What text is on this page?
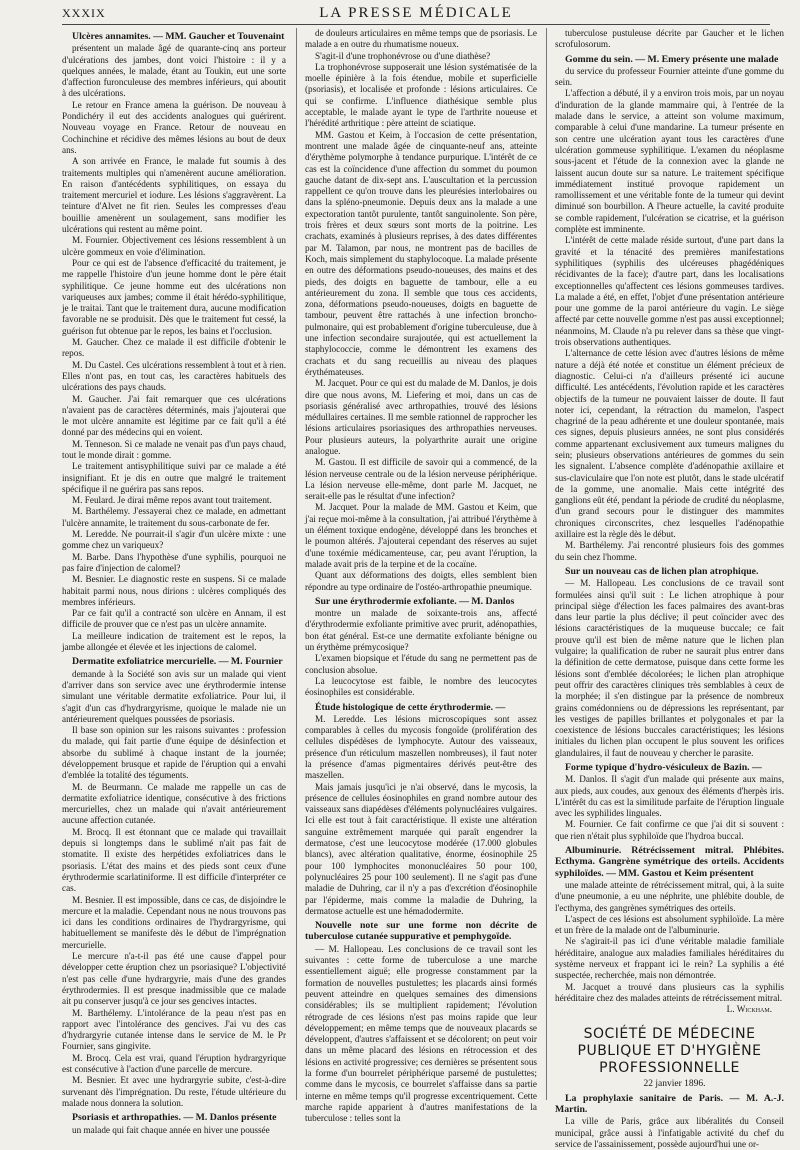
XXXIX	LA PRESSE MÉDICALE
Ulcères annamites. — MM. Gaucher et Touvenaint

présentent un malade âgé de quarante-cinq ans porteur d'ulcérations des jambes, dont voici l'histoire : il y a quelques années, le malade, étant au Toukin, eut une sorte d'affection furonculeuse des membres inférieurs, qui aboutit à des ulcérations.

Le retour en France amena la guérison. De nouveau à Pondichéry il eut des accidents analogues qui guérirent. Nouveau voyage en France. Retour de nouveau en Cochinchine et récidive des mêmes lésions au bout de deux ans.

A son arrivée en France, le malade fut soumis à des traitements multiples qui n'amenèrent aucune amélioration. En raison d'antécédents syphilitiques, on essaya du traitement mercuriel et iodure. Les lésions s'aggravèrent. La teinture d'Alvet ne fit rien. Seules les compresses d'eau bouillie amenèrent un soulagement, sans modifier les ulcérations qui restent au même point.

M. Fournier. Objectivement ces lésions ressemblent à un ulcère gommeux en voie d'élimination.

Pour ce qui est de l'absence d'efficacité du traitement, je me rappelle l'histoire d'un jeune homme dont le père était syphilitique. Ce jeune homme eut des ulcérations non variqueuses aux jambes; comme il était hérédo-syphilitique, je le traitai. Tant que le traitement dura, aucune modification favorable ne se produisit. Dès que le traitement fut cessé, la guérison fut obtenue par le repos, les bains et l'occlusion.

M. Gaucher. Chez ce malade il est difficile d'obtenir le repos.

M. Du Castel. Ces ulcérations ressemblent à tout et à rien. Elles n'ont pas, en tout cas, les caractères habituels des ulcérations des pays chauds.

M. Gaucher. J'ai fait remarquer que ces ulcérations n'avaient pas de caractères déterminés, mais j'ajouterai que le mot ulcère annamite est légitime par ce fait qu'il a été donné par des médecins qui en voient.

M. Tenneson. Si ce malade ne venait pas d'un pays chaud, tout le monde dirait : gomme.

Le traitement antisyphilitique suivi par ce malade a été insignifiant. Et je dis en outre que malgré le traitement spécifique il ne guérira pas sans repos.

M. Feulard. Je dirai même repos avant tout traitement.

M. Barthélemy. J'essayerai chez ce malade, en admettant l'ulcère annamite, le traitement du sous-carbonate de fer.

M. Leredde. Ne pourrait-il s'agir d'un ulcère mixte : une gomme chez un variqueux?

M. Barbe. Dans l'hypothèse d'une syphilis, pourquoi ne pas faire d'injection de calomel?

M. Besnier. Le diagnostic reste en suspens. Si ce malade habitait parmi nous, nous dirions : ulcères compliqués des membres inférieurs.

Par ce fait qu'il a contracté son ulcère en Annam, il est difficile de prouver que ce n'est pas un ulcère annamite.

La meilleure indication de traitement est le repos, la jambe allongée et élevée et les injections de calomel.

Dermatite exfoliatrice mercurielle. — M. Fournier

demande à la Société son avis sur un malade qui vient d'arriver dans son service avec une érythrodermie intense simulant une véritable dermatite exfoliatrice. Pour lui, il s'agit d'un cas d'hydrargyrisme, quoique le malade nie un antérieurement quelques poussées de psoriasis.

Il base son opinion sur les raisons suivantes : profession du malade, qui fait partie d'une équipe de désinfection et absorbe du sublimé à chaque instant de la journée; développement brusque et rapide de l'éruption qui a envahi d'emblée la totalité des téguments.

M. de Beurmann. Ce malade me rappelle un cas de dermatite exfoliatrice identique, consécutive à des frictions mercurielles, chez un malade qui n'avait antérieurement aucune affection cutanée.

M. Brocq. Il est étonnant que ce malade qui travaillait depuis si longtemps dans le sublimé n'ait pas fait de stomatite. Il existe des herpétides exfoliatrices dans le psoriasis. L'état des mains et des pieds sont ceux d'une érythrodermie scarlatiniforme. Il est difficile d'interpréter ce cas.

M. Besnier. Il est impossible, dans ce cas, de disjoindre le mercure et la maladie. Cependant nous ne nous trouvons pas ici dans les conditions ordinaires de l'hydrargyrisme, qui habituellement se manifeste dès le début de l'imprégnation mercurielle.

Le mercure n'a-t-il pas été une cause d'appel pour développer cette éruption chez un psoriasique? L'objectivité n'est pas celle d'une hydrargyrie, mais d'une des grandes érythrodermies. Il est presque inadmissible que ce malade ait pu conserver jusqu'à ce jour ses gencives intactes.

M. Barthélemy. L'intolérance de la peau n'est pas en rapport avec l'intolérance des gencives. J'ai vu des cas d'hydrargyrie cutanée intense dans le service de M. le Pr Fournier, sans gingivite.

M. Brocq. Cela est vrai, quand l'éruption hydrargyrique est consécutive à l'action d'une parcelle de mercure.

M. Besnier. Et avec une hydrargyrie subite, c'est-à-dire survenant dès l'imprégnation. Du reste, l'étude ultérieure du malade nous donnera la solution.

Psoriasis et arthropathies. — M. Danlos présente

un malade qui fait chaque année en hiver une poussée

de douleurs articulaires en même temps que de psoriasis. Le malade a en outre du rhumatisme noueux.

S'agit-il d'une trophonévrose ou d'une diathèse?

La trophonévrose supposerait une lésion systématisée de la moelle épinière à la fois étendue, mobile et superficielle (psoriasis), et localisée et profonde : lésions articulaires. Ce qui se confirme. L'influence diathésique semble plus acceptable, le malade ayant le type de l'arthrite noueuse et l'hérédité arthritique : père atteint de sciatique.

MM. Gastou et Keim, à l'occasion de cette présentation, montrent une malade âgée de cinquante-neuf ans, atteinte d'érythème polymorphe à tendance purpurique. L'intérêt de ce cas est la coïncidence d'une affection du sommet du poumon gauche datant de dix-sept ans. L'auscultation et la percussion rappellent ce qu'on trouve dans les pleurésies interlobaires ou dans la spléno-pneumonie. Depuis deux ans la malade a une expectoration tantôt purulente, tantôt sanguinolente. Son père, trois frères et deux sœurs sont morts de la poitrine. Les crachats, examinés à plusieurs reprises, à des dates différentes par M. Talamon, par nous, ne montrent pas de bacilles de Koch, mais simplement du staphylocoque. La malade présente en outre des déformations pseudo-noueuses, des mains et des pieds, des doigts en baguette de tambour, elle a eu antérieurement du zona. Il semble que tous ces accidents, zona, déformations pseudo-noueuses, doigts en baguette de tambour, peuvent être rattachés à une infection broncho-pulmonaire, qui est probablement d'origine tuberculeuse, due à une infection secondaire surajoutée, qui est actuellement la staphylococcie, comme le démontrent les examens des crachats et du sang recueillis au niveau des plaques érythémateuses.

M. Jacquet. Pour ce qui est du malade de M. Danlos, je dois dire que nous avons, M. Liefering et moi, dans un cas de psoriasis généralisé avec arthropathies, trouvé des lésions médullaires certaines. Il me semble rationnel de rapprocher les lésions articulaires psoriasiques des arthropathies nerveuses. Pour plusieurs auteurs, la polyarthrite aurait une origine analogue.

M. Gastou. Il est difficile de savoir qui a commencé, de la lésion nerveuse centrale ou de la lésion nerveuse périphérique. La lésion nerveuse elle-même, dont parle M. Jacquet, ne serait-elle pas le résultat d'une infection?

M. Jacquet. Pour la malade de MM. Gastou et Keim, que j'ai reçue moi-même à la consultation, j'ai attribué l'érythème à un élément toxique endogène, développé dans les bronches et le poumon altérés. J'ajouterai cependant des réserves au sujet d'une toxémie médicamenteuse, car, peu avant l'éruption, la malade avait pris de la terpine et de la cocaïne.

Quant aux déformations des doigts, elles semblent bien répondre au type ordinaire de l'ostéo-arthropathie pneumique.

Sur une érythrodermie exfoliante. — M. Danlos

montre un malade de soixante-trois ans, affecté d'érythrodermie exfoliante primitive avec prurit, adénopathies, bon état général. Est-ce une dermatite exfoliante bénigne ou un érythème prémycosique?

L'examen biopsique et l'étude du sang ne permettent pas de conclusion absolue.

La leucocytose est faible, le nombre des leucocytes éosinophiles est considérable.

Étude histologique de cette érythrodermie. —

M. Leredde. Les lésions microscopiques sont assez comparables à celles du mycosis fongoïde (prolifération des cellules dispédèses de lymphocyte. Autour des vaisseaux, présence d'un réticulum maszellen nombreuses), il faut noter la présence d'amas pigmentaires dérivés peut-être des maszellen.

Mais jamais jusqu'ici je n'ai observé, dans le mycosis, la présence de cellules éosinophiles en grand nombre autour des vaisseaux sans diapédèses d'éléments polynucléaires vulgaires. Ici elle est tout à fait caractéristique. Il existe une altération sanguine extrêmement marquée qui paraît engendrer la dermatose, c'est une leucocytose modérée (17.000 globules blancs), avec altération qualitative, énorme, éosinophile 25 pour 100 lymphocites mononucléaires 50 pour 100, polynucléaires 25 pour 100 seulement). Il ne s'agit pas d'une maladie de Duhring, car il n'y a pas d'excrétion d'éosinophile par l'épiderme, mais comme la maladie de Duhring, la dermatose actuelle est une hémadodermite.

Nouvelle note sur une forme non décrite de tuberculose cutanée suppurative et pemphygoïde.

— M. Hallopeau. Les conclusions de ce travail sont les suivantes : cette forme de tuberculose a une marche essentiellement aiguë; elle progresse constamment par la formation de nouvelles pustulettes; les placards ainsi formés peuvent atteindre en quelques semaines des dimensions considérables; ils se multiplient rapidement; l'évolution rétrograde de ces lésions n'est pas moins rapide que leur développement; en même temps que de nouveaux placards se développent, d'autres s'affaissent et se décolorent; on peut voir dans un même placard des lésions en rétrocession et des lésions en activité progressive; ces dernières se présentent sous la forme d'un bourrelet périphérique parsemé de pustulettes; comme dans le mycosis, ce bourrelet s'affaisse dans sa partie interne en même temps qu'il progresse excentriquement. Cette marche rapide apparient à d'autres manifestations de la tuberculose : telles sont la

tuberculose pustuleuse décrite par Gaucher et le lichen scrofulosorum.

Gomme du sein. — M. Emery présente une malade

du service du professeur Fournier atteinte d'une gomme du sein.

L'affection a débuté, il y a environ trois mois, par un noyau d'induration de la glande mammaire qui, à l'entrée de la malade dans le service, a atteint son volume maximum, comparable à celui d'une mandarine. La tumeur présente en son centre une ulcération ayant tous les caractères d'une ulcération gommeuse syphilitique. L'examen du néoplasme sous-jacent et l'étude de la connexion avec la glande ne laissent aucun doute sur sa nature. Le traitement spécifique immédiatement institué provoque rapidement un ramollissement et une véritable fonte de la tumeur qui devint diminué son bourbillon. A l'heure actuelle, la cavité produite se comble rapidement, l'ulcération se cicatrise, et la guérison complète est imminente.

L'intérêt de cette malade réside surtout, d'une part dans la gravité et la ténacité des premières manifestations syphilitiques (syphilis des ulcéreuses phagédéniques récidivantes de la face); d'autre part, dans les localisations exceptionnelles qu'affectent ces lésions gommeuses tardives. La malade a été, en effet, l'objet d'une présentation antérieure pour une gomme de la paroi antérieure du vagin. Le siège affecté par cette nouvelle gomme n'est pas aussi exceptionnel; néanmoins, M. Claude n'a pu relever dans sa thèse que vingt-trois observations authentiques.

L'alternance de cette lésion avec d'autres lésions de même nature a déjà été notée et constitue un élément précieux de diagnostic. Celui-ci n'a d'ailleurs présenté ici aucune difficulté. Les antécédents, l'évolution rapide et les caractères objectifs de la tumeur ne pouvaient laisser de doute. Il faut noter ici, cependant, la rétraction du mamelon, l'aspect chagriné de la peau adhérente et une douleur spontanée, mais ces signes, depuis plusieurs années, ne sont plus considérés comme appartenant exclusivement aux tumeurs malignes du sein; plusieurs observations antérieures de gommes du sein les signalent. L'absence complète d'adénopathie axillaire et sus-claviculaire que l'on note est plutôt, dans le stade ulcératif de la gomme, une anomalie. Mais cette intégrité des ganglions eût été, pendant la période de crudité du néoplasme, d'un grand secours pour le distinguer des mammites chroniques circonscrites, chez lesquelles l'adénopathie axillaire est la règle dès le début.

M. Barthélemy. J'ai rencontré plusieurs fois des gommes du sein chez l'homme.

Sur un nouveau cas de lichen plan atrophique.

— M. Hallopeau. Les conclusions de ce travail sont formulées ainsi qu'il suit : Le lichen atrophique à pour principal siège d'élection les faces palmaires des avant-bras dans leur partie la plus déclive; il peut coïncider avec des lésions caractéristiques de la muqueuse buccale; ce fait prouve qu'il est bien de même nature que le lichen plan vulgaire; la qualification de ruber ne saurait plus entrer dans la définition de cette dermatose, puisque dans cette forme les lésions sont d'emblée décolorées; le lichen plan atrophique peut offrir des caractères cliniques très semblables à ceux de la morphée; il s'en distingue par la présence de nombreux grains comédonniens ou de dépressions les représentant, par les vestiges de papilles brillantes et polygonales et par la coexistence de lésions buccales caractéristiques; les lésions initiales du lichen plan occupent le plus souvent les orifices glandulaires, il faut de nouveau y chercher le parasite.

Forme typique d'hydro-vésiculeux de Bazin. —

M. Danlos. Il s'agit d'un malade qui présente aux mains, aux pieds, aux coudes, aux genoux des éléments d'herpès iris. L'intérêt du cas est la similitude parfaite de l'éruption linguale avec les syphilides linguales.

M. Fournier. Ce fait confirme ce que j'ai dit si souvent : que rien n'était plus syphiloïde que l'hydroa buccal.

Albuminurie. Rétrécissement mitral. Phlébites. Ecthyma. Gangrène symétrique des orteils. Accidents syphiloïdes. — MM. Gastou et Keim présentent

une malade atteinte de rétrécissement mitral, qui, à la suite d'une pneumonie, a eu une néphrite, une phlébite double, de l'ecthyma, des gangrènes symétriques des orteils.

L'aspect de ces lésions est absolument syphiloïde. La mère et un frère de la malade ont de l'albuminurie.

Ne s'agirait-il pas ici d'une véritable maladie familiale héréditaire, analogue aux maladies familiales héréditaires du système nerveux et frappant ici le rein? La syphilis a été suspectée, recherchée, mais non démontrée.

M. Jacquet a trouvé dans plusieurs cas la syphilis héréditaire chez des malades atteints de rétrécissement mitral.

L. Wickham.

SOCIÉTÉ DE MÉDECINE PUBLIQUE ET D'HYGIÈNE PROFESSIONNELLE

22 janvier 1896.

La prophylaxie sanitaire de Paris. — M. A.-J. Martin.

La ville de Paris, grâce aux libéralités du Conseil municipal, grâce aussi à l'infatigable activité du chef du service de l'assainissement, possède aujourd'hui une or-
